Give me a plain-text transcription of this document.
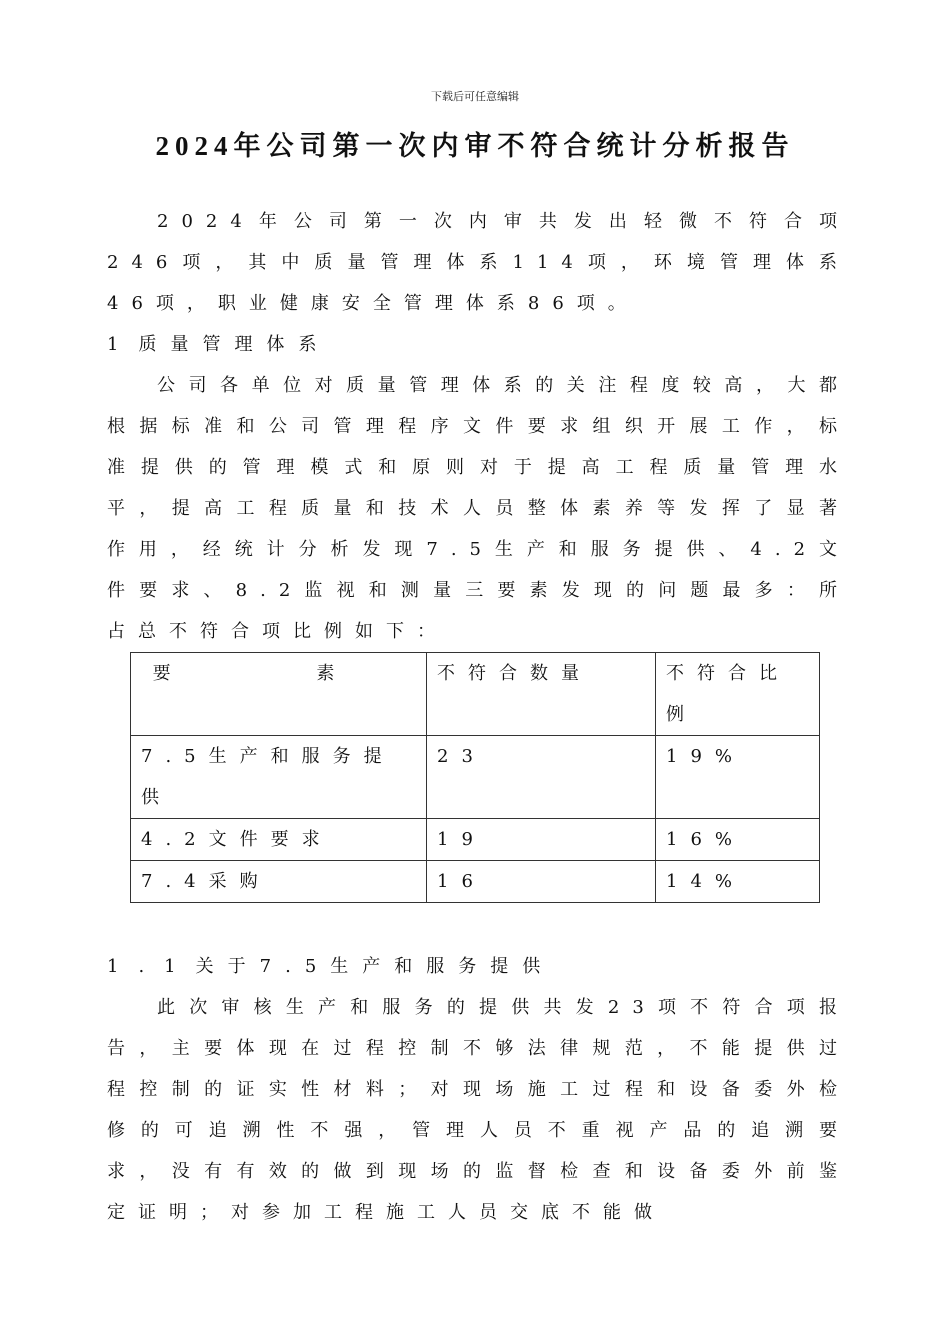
下载后可任意编辑
2024年公司第一次内审不符合统计分析报告

2024年公司第一次内审共发出轻微不符合项246项，其中质量管理体系114项，环境管理体系46项，职业健康安全管理体系86项。

1质量管理体系

公司各单位对质量管理体系的关注程度较高，大都根据标准和公司管理程序文件要求组织开展工作，标准提供的管理模式和原则对于提高工程质量管理水平，提高工程质量和技术人员整体素养等发挥了显著作用，经统计分析发现7.5生产和服务提供、4.2文件要求、8.2监视和测量三要素发现的问题最多：所占总不符合项比例如下：

要 素	不符合数量	不符合比例
7.5生产和服务提供	23	19%
4.2文件要求	19	16%
7.4采购	16	14%

1.1关于7.5生产和服务提供

此次审核生产和服务的提供共发23项不符合项报告，主要体现在过程控制不够法律规范，不能提供过程控制的证实性材料；对现场施工过程和设备委外检修的可追溯性不强，管理人员不重视产品的追溯要求，没有有效的做到现场的监督检查和设备委外前鉴定证明；对参加工程施工人员交底不能做
